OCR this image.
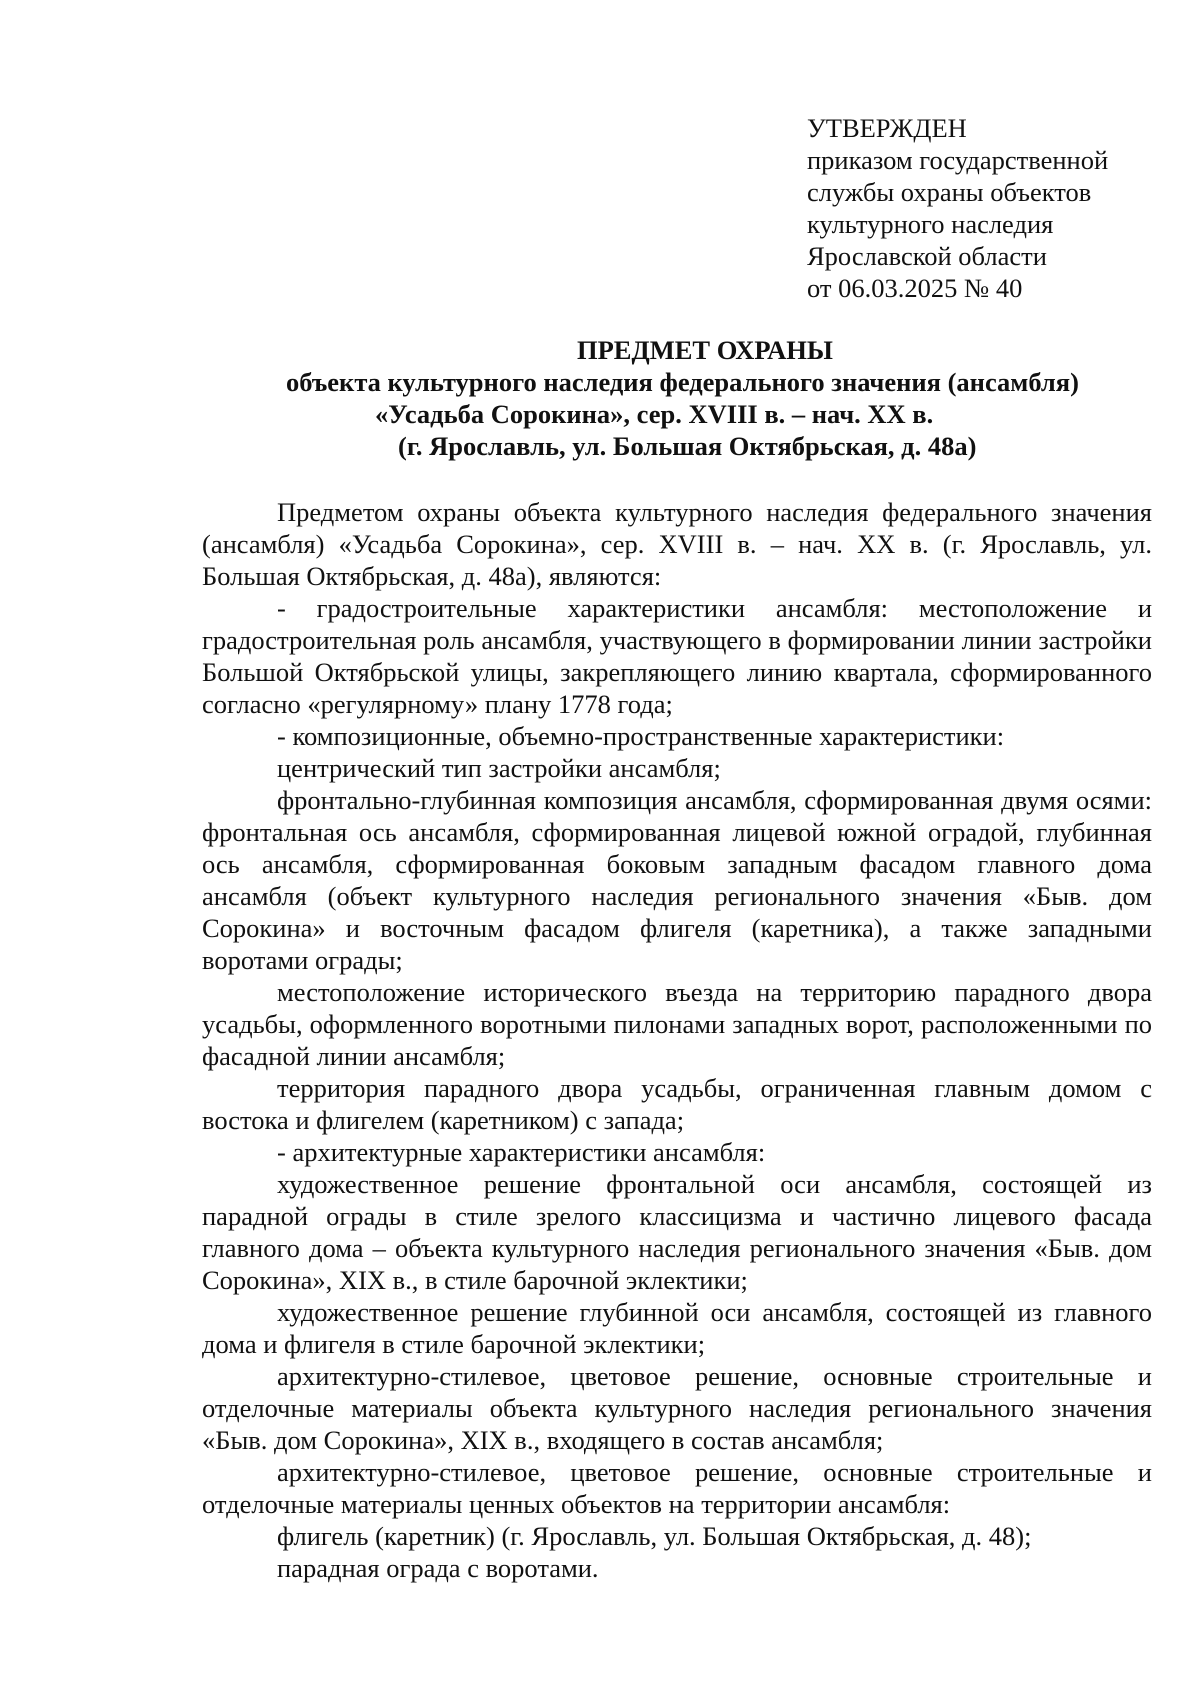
УТВЕРЖДЕН
приказом государственной
службы охраны объектов
культурного наследия
Ярославской области
от 06.03.2025 № 40
ПРЕДМЕТ ОХРАНЫ
объекта культурного наследия федерального значения (ансамбля)
«Усадьба Сорокина», сер. XVIII в. – нач. XX в.
(г. Ярославль, ул. Большая Октябрьская, д. 48а)

Предметом охраны объекта культурного наследия федерального значения (ансамбля) «Усадьба Сорокина», сер. XVIII в. – нач. XX в. (г. Ярославль, ул. Большая Октябрьская, д. 48а), являются:

- градостроительные характеристики ансамбля: местоположение и градостроительная роль ансамбля, участвующего в формировании линии застройки Большой Октябрьской улицы, закрепляющего линию квартала, сформированного согласно «регулярному» плану 1778 года;

- композиционные, объемно-пространственные характеристики:

центрический тип застройки ансамбля;

фронтально-глубинная композиция ансамбля, сформированная двумя осями: фронтальная ось ансамбля, сформированная лицевой южной оградой, глубинная ось ансамбля, сформированная боковым западным фасадом главного дома ансамбля (объект культурного наследия регионального значения «Быв. дом Сорокина» и восточным фасадом флигеля (каретника), а также западными воротами ограды;

местоположение исторического въезда на территорию парадного двора усадьбы, оформленного воротными пилонами западных ворот, расположенными по фасадной линии ансамбля;

территория парадного двора усадьбы, ограниченная главным домом с востока и флигелем (каретником) с запада;

- архитектурные характеристики ансамбля:

художественное решение фронтальной оси ансамбля, состоящей из парадной ограды в стиле зрелого классицизма и частично лицевого фасада главного дома – объекта культурного наследия регионального значения «Быв. дом Сорокина», XIX в., в стиле барочной эклектики;

художественное решение глубинной оси ансамбля, состоящей из главного дома и флигеля в стиле барочной эклектики;

архитектурно-стилевое, цветовое решение, основные строительные и отделочные материалы объекта культурного наследия регионального значения «Быв. дом Сорокина», XIX в., входящего в состав ансамбля;

архитектурно-стилевое, цветовое решение, основные строительные и отделочные материалы ценных объектов на территории ансамбля:

флигель (каретник) (г. Ярославль, ул. Большая Октябрьская, д. 48);

парадная ограда с воротами.
